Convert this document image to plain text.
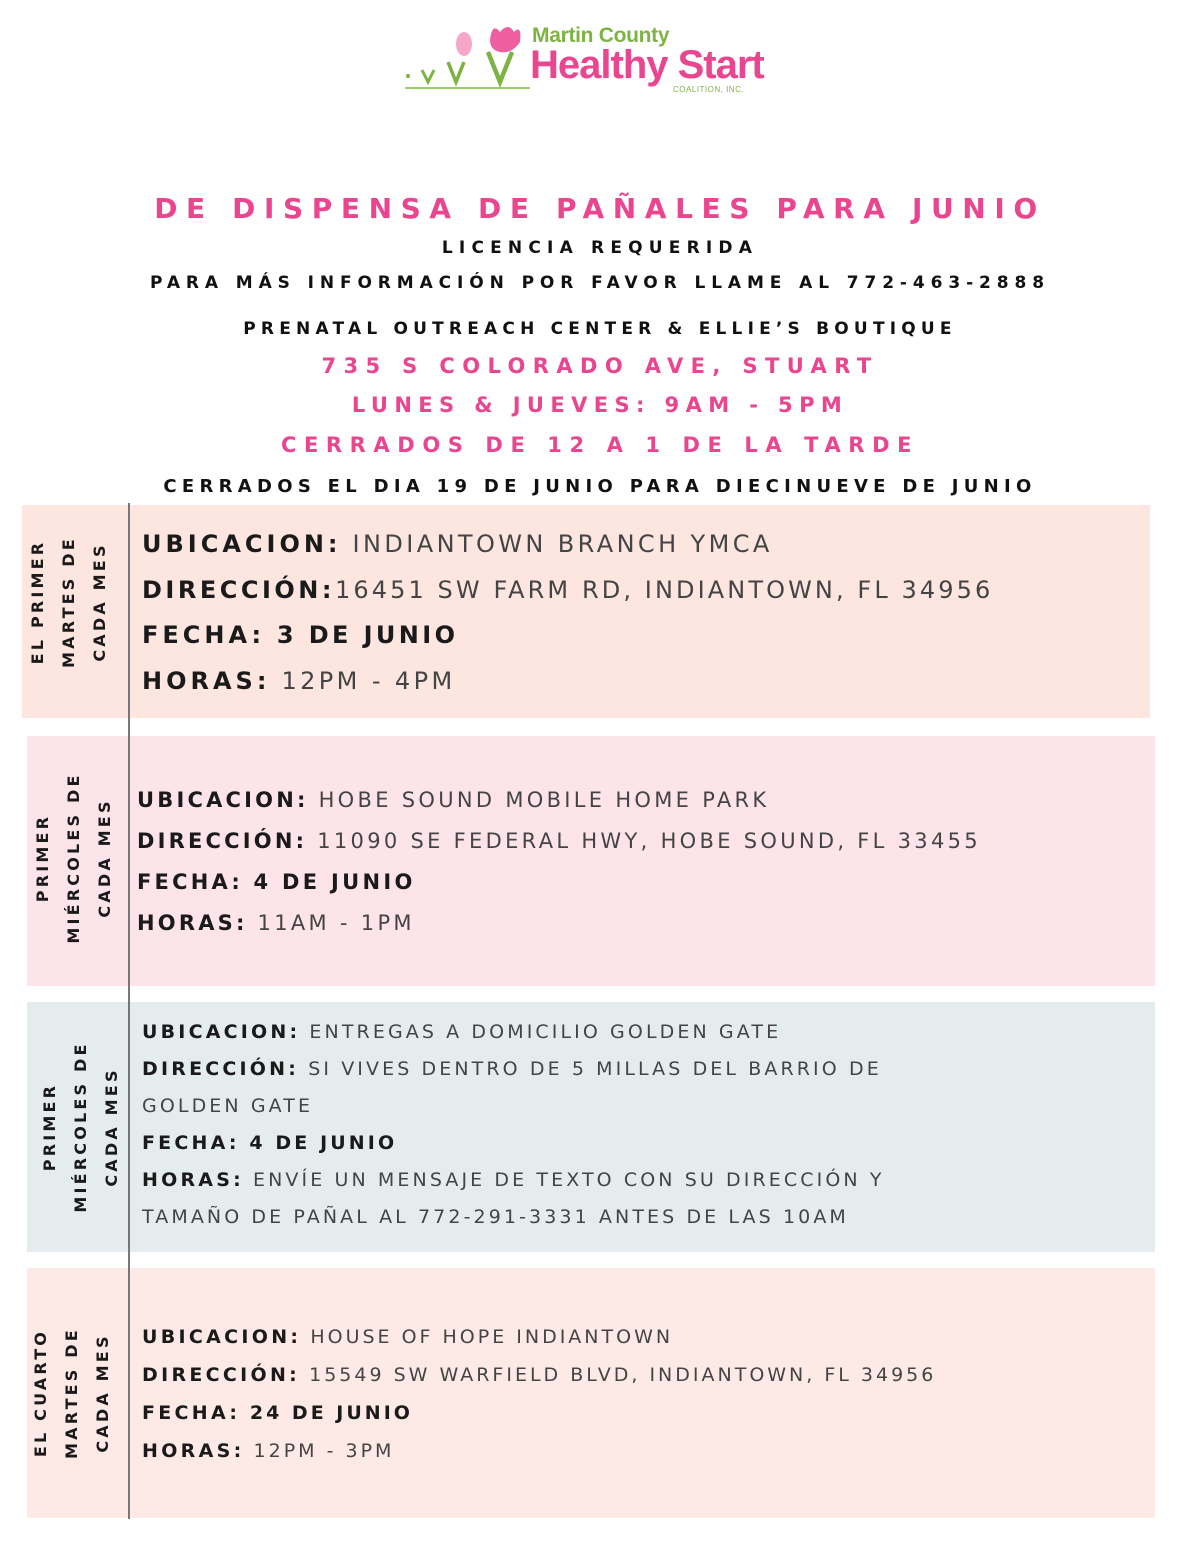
Martin County
Healthy Start
COALITION, INC.
DE DISPENSA DE PAÑALES PARA JUNIO
LICENCIA REQUERIDA
PARA MÁS INFORMACIÓN POR FAVOR LLAME AL 772-463-2888
PRENATAL OUTREACH CENTER & ELLIE’S BOUTIQUE
735 S COLORADO AVE, STUART
LUNES & JUEVES: 9AM - 5PM
CERRADOS DE 12 A 1 DE LA TARDE
CERRADOS EL DIA 19 DE JUNIO PARA DIECINUEVE DE JUNIO
EL PRIMER MARTES DE CADA MES UBICACION: INDIANTOWN BRANCH YMCA
DIRECCIÓN:16451 SW FARM RD, INDIANTOWN, FL 34956
FECHA: 3 DE JUNIO
HORAS: 12PM - 4PM
PRIMER MIÉRCOLES DE CADA MES UBICACION: HOBE SOUND MOBILE HOME PARK
DIRECCIÓN: 11090 SE FEDERAL HWY, HOBE SOUND, FL 33455
FECHA: 4 DE JUNIO
HORAS: 11AM - 1PM
PRIMER MIÉRCOLES DE CADA MES
UBICACION: ENTREGAS A DOMICILIO GOLDEN GATE
DIRECCIÓN: SI VIVES DENTRO DE 5 MILLAS DEL BARRIO DE
GOLDEN GATE
FECHA: 4 DE JUNIO
HORAS: ENVÍE UN MENSAJE DE TEXTO CON SU DIRECCIÓN Y
TAMAÑO DE PAÑAL AL 772-291-3331 ANTES DE LAS 10AM
EL CUARTO MARTES DE CADA MES	UBICACION: HOUSE OF HOPE INDIANTOWN
DIRECCIÓN: 15549 SW WARFIELD BLVD, INDIANTOWN, FL 34956
FECHA: 24 DE JUNIO
HORAS: 12PM - 3PM
